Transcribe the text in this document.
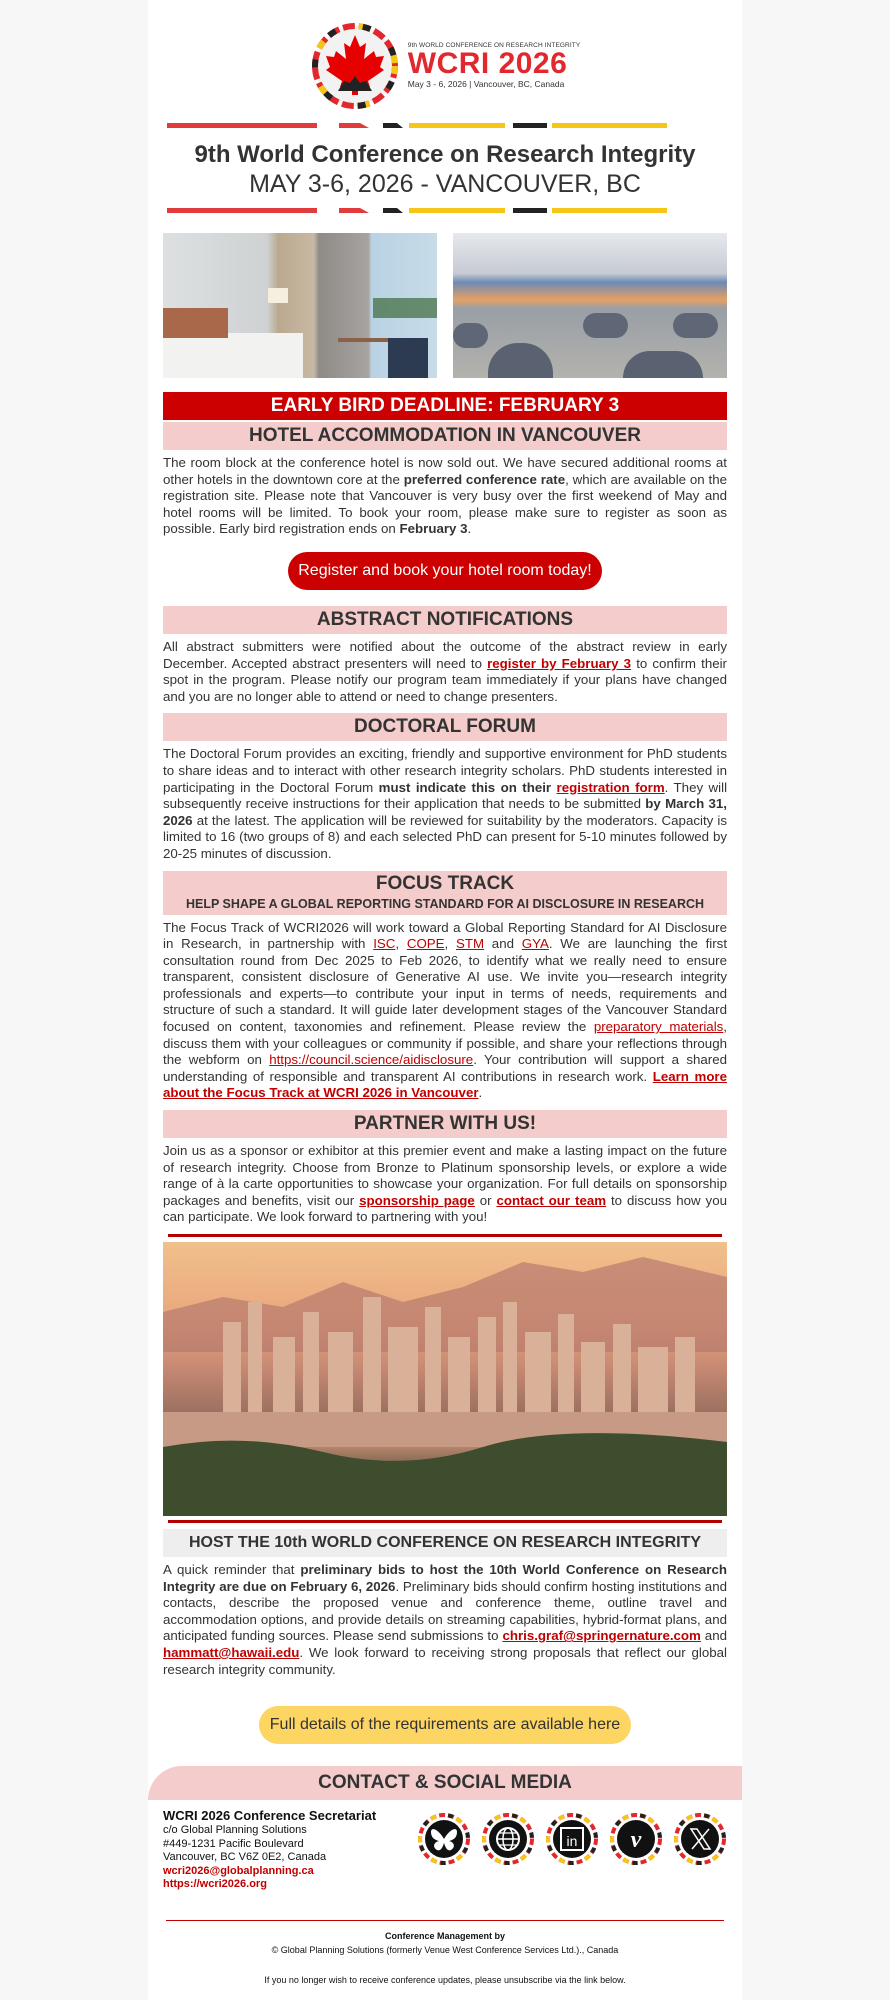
9th WORLD CONFERENCE ON RESEARCH INTEGRITY
WCRI 2026
May 3 - 6, 2026 | Vancouver, BC, Canada
9th World Conference on Research Integrity
MAY 3-6, 2026 - VANCOUVER, BC
EARLY BIRD DEADLINE: FEBRUARY 3
HOTEL ACCOMMODATION IN VANCOUVER

The room block at the conference hotel is now sold out. We have secured additional rooms at other hotels in the downtown core at the preferred conference rate, which are available on the registration site. Please note that Vancouver is very busy over the first weekend of May and hotel rooms will be limited. To book your room, please make sure to register as soon as possible. Early bird registration ends on February 3.

Register and book your hotel room today!
ABSTRACT NOTIFICATIONS

All abstract submitters were notified about the outcome of the abstract review in early December. Accepted abstract presenters will need to register by February 3 to confirm their spot in the program. Please notify our program team immediately if your plans have changed and you are no longer able to attend or need to change presenters.

DOCTORAL FORUM

The Doctoral Forum provides an exciting, friendly and supportive environment for PhD students to share ideas and to interact with other research integrity scholars. PhD students interested in participating in the Doctoral Forum must indicate this on their registration form. They will subsequently receive instructions for their application that needs to be submitted by March 31, 2026 at the latest. The application will be reviewed for suitability by the moderators. Capacity is limited to 16 (two groups of 8) and each selected PhD can present for 5-10 minutes followed by 20-25 minutes of discussion.

FOCUS TRACK
HELP SHAPE A GLOBAL REPORTING STANDARD FOR AI DISCLOSURE IN RESEARCH

The Focus Track of WCRI2026 will work toward a Global Reporting Standard for AI Disclosure in Research, in partnership with ISC, COPE, STM and GYA. We are launching the first consultation round from Dec 2025 to Feb 2026, to identify what we really need to ensure transparent, consistent disclosure of Generative AI use. We invite you—research integrity professionals and experts—to contribute your input in terms of needs, requirements and structure of such a standard. It will guide later development stages of the Vancouver Standard focused on content, taxonomies and refinement. Please review the preparatory materials, discuss them with your colleagues or community if possible, and share your reflections through the webform on https://council.science/aidisclosure. Your contribution will support a shared understanding of responsible and transparent AI contributions in research work. Learn more about the Focus Track at WCRI 2026 in Vancouver.

PARTNER WITH US!

Join us as a sponsor or exhibitor at this premier event and make a lasting impact on the future of research integrity. Choose from Bronze to Platinum sponsorship levels, or explore a wide range of à la carte opportunities to showcase your organization. For full details on sponsorship packages and benefits, visit our sponsorship page or contact our team to discuss how you can participate. We look forward to partnering with you!

HOST THE 10th WORLD CONFERENCE ON RESEARCH INTEGRITY

A quick reminder that preliminary bids to host the 10th World Conference on Research Integrity are due on February 6, 2026. Preliminary bids should confirm hosting institutions and contacts, describe the proposed venue and conference theme, outline travel and accommodation options, and provide details on streaming capabilities, hybrid-format plans, and anticipated funding sources. Please send submissions to chris.graf@springernature.com and hammatt@hawaii.edu. We look forward to receiving strong proposals that reflect our global research integrity community.

Full details of the requirements are available here
CONTACT & SOCIAL MEDIA
WCRI 2026 Conference Secretariat
c/o Global Planning Solutions
#449-1231 Pacific Boulevard
Vancouver, BC V6Z 0E2, Canada
wcri2026@globalplanning.ca
https://wcri2026.org
in v
Conference Management by
© Global Planning Solutions (formerly Venue West Conference Services Ltd.)., Canada
If you no longer wish to receive conference updates, please unsubscribe via the link below.
